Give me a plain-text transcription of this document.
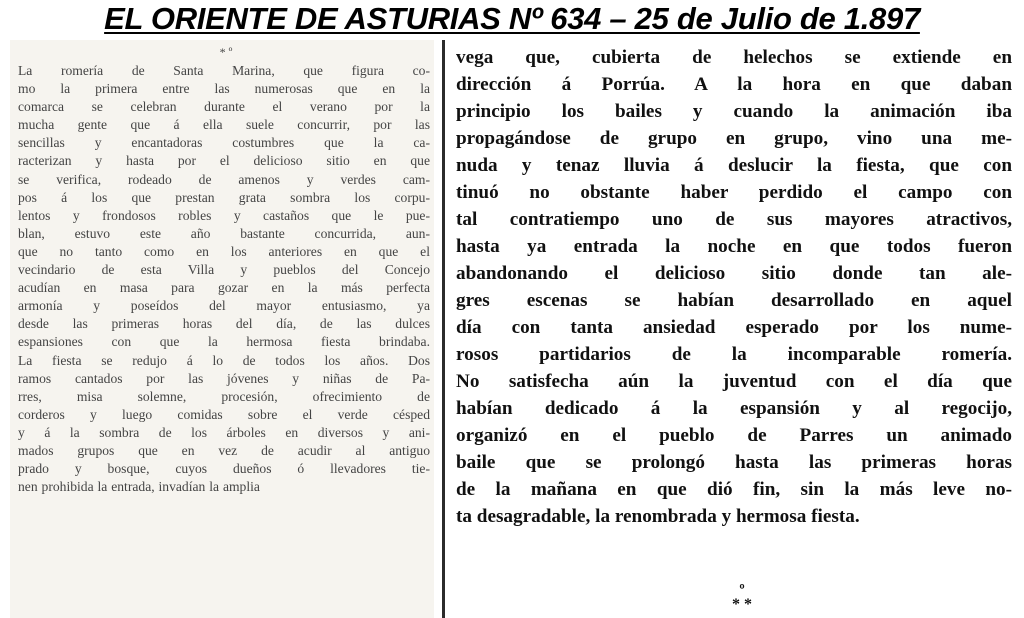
EL ORIENTE DE ASTURIAS Nº 634 – 25 de Julio de 1.897
* º
La romería de Santa Marina, que figura co-
mo la primera entre las numerosas que en la
comarca se celebran durante el verano por la
mucha gente que á ella suele concurrir, por las
sencillas y encantadoras costumbres que la ca-
racterizan y hasta por el delicioso sitio en que
se verifica, rodeado de amenos y verdes cam-
pos á los que prestan grata sombra los corpu-
lentos y frondosos robles y castaños que le pue-
blan, estuvo este año bastante concurrida, aun-
que no tanto como en los anteriores en que el
vecindario de esta Villa y pueblos del Concejo
acudían en masa para gozar en la más perfecta
armonía y poseídos del mayor entusiasmo, ya
desde las primeras horas del día, de las dulces
espansiones con que la hermosa fiesta brindaba.
La fiesta se redujo á lo de todos los años. Dos
ramos cantados por las jóvenes y niñas de Pa-
rres, misa solemne, procesión, ofrecimiento de
corderos y luego comidas sobre el verde césped
y á la sombra de los árboles en diversos y ani-
mados grupos que en vez de acudir al antiguo
prado y bosque, cuyos dueños ó llevadores tie-
nen prohibida la entrada, invadían la amplia
vega que, cubierta de helechos se extiende en
dirección á Porrúa. A la hora en que daban
principio los bailes y cuando la animación iba
propagándose de grupo en grupo, vino una me-
nuda y tenaz lluvia á deslucir la fiesta, que con
tinuó no obstante haber perdido el campo con
tal contratiempo uno de sus mayores atractivos,
hasta ya entrada la noche en que todos fueron
abandonando el delicioso sitio donde tan ale-
gres escenas se habían desarrollado en aquel
día con tanta ansiedad esperado por los nume-
rosos partidarios de la incomparable romería.
No satisfecha aún la juventud con el día que
habían dedicado á la espansión y al regocijo,
organizó en el pueblo de Parres un animado
baile que se prolongó hasta las primeras horas
de la mañana en que dió fin, sin la más leve no-
ta desagradable, la renombrada y hermosa fiesta.
º
* *
